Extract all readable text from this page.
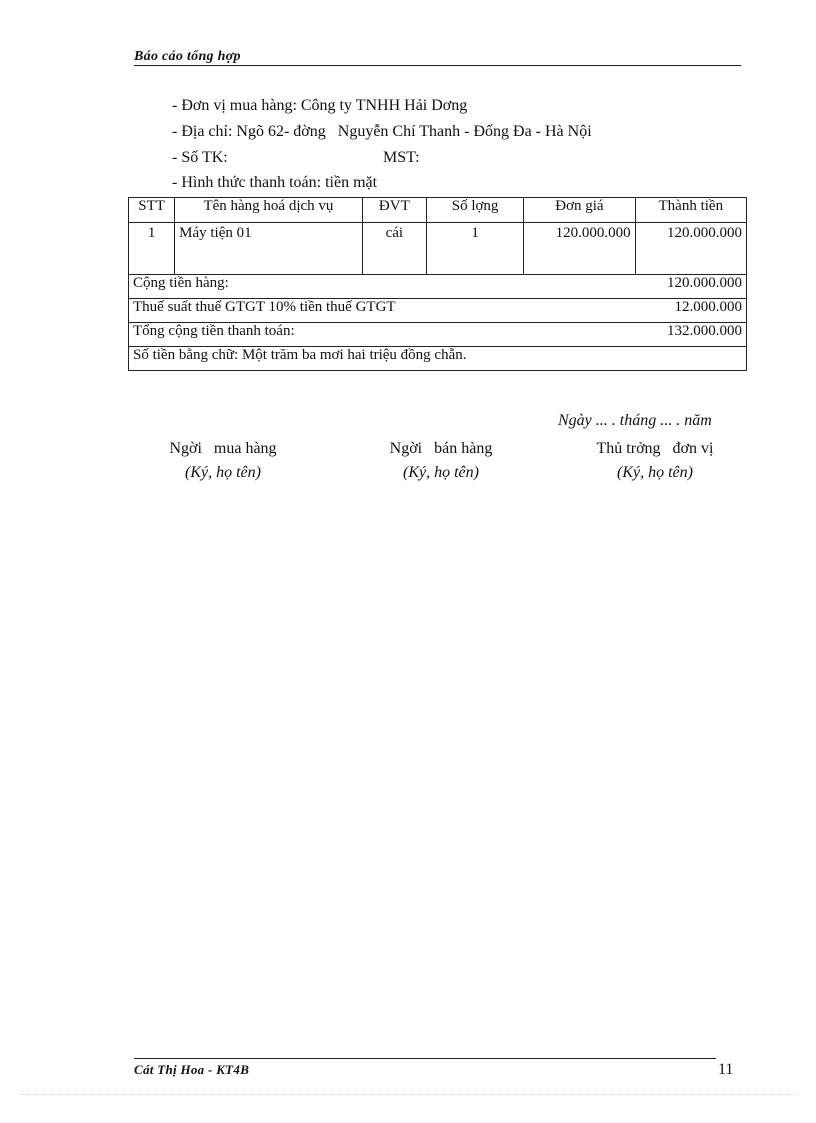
Báo cáo tổng hợp
- Đơn vị mua hàng: Công ty TNHH Hải Dơng
- Địa chỉ: Ngõ 62- đờng   Nguyễn Chí Thanh - Đống Đa - Hà Nội
- Số TK:	MST:
- Hình thức thanh toán: tiền mặt
STT	Tên hàng hoá dịch vụ	ĐVT	Số lợng	Đơn giá	Thành tiền
1	Máy tiện 01	cái	1	120.000.000	120.000.000

Cộng tiền hàng: 120.000.000					

Thuế suất thuế GTGT 10% tiền thuế GTGT 12.000.000					

Tổng cộng tiền thanh toán: 132.000.000					

Số tiền bằng chữ: Một trăm ba mơi hai triệu đồng chẵn.					
Ngày ... . tháng ... . năm
Ngời   mua hàng
(Ký, họ tên)
Ngời   bán hàng
(Ký, họ tên)
Thủ trởng   đơn vị
(Ký, họ tên)
Cát Thị Hoa - KT4B	11
